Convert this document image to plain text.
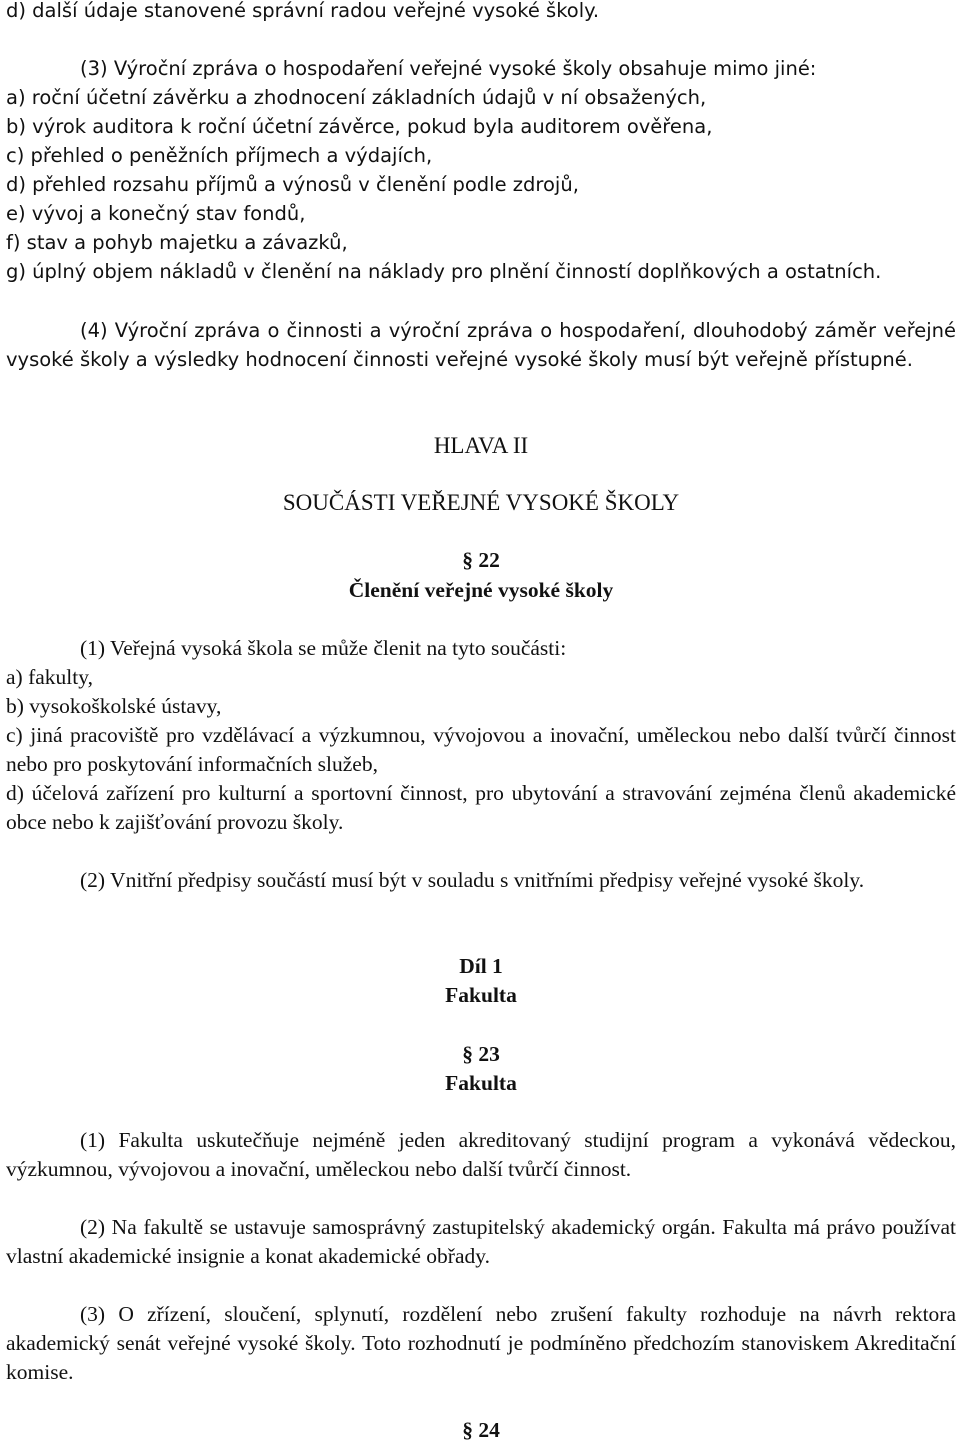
d) další údaje stanovené správní radou veřejné vysoké školy.
(3) Výroční zpráva o hospodaření veřejné vysoké školy obsahuje mimo jiné:
a) roční účetní závěrku a zhodnocení základních údajů v ní obsažených,
b) výrok auditora k roční účetní závěrce, pokud byla auditorem ověřena,
c) přehled o peněžních příjmech a výdajích,
d) přehled rozsahu příjmů a výnosů v členění podle zdrojů,
e) vývoj a konečný stav fondů,
f) stav a pohyb majetku a závazků,
g) úplný objem nákladů v členění na náklady pro plnění činností doplňkových a ostatních.

(4) Výroční zpráva o činnosti a výroční zpráva o hospodaření, dlouhodobý záměr veřejné vysoké školy a výsledky hodnocení činnosti veřejné vysoké školy musí být veřejně přístupné.

HLAVA II
SOUČÁSTI VEŘEJNÉ VYSOKÉ ŠKOLY
§ 22
Členění veřejné vysoké školy
(1) Veřejná vysoká škola se může členit na tyto součásti:
a) fakulty,
b) vysokoškolské ústavy,

c) jiná pracoviště pro vzdělávací a výzkumnou, vývojovou a inovační, uměleckou nebo další tvůrčí činnost nebo pro poskytování informačních služeb,

d) účelová zařízení pro kulturní a sportovní činnost, pro ubytování a stravování zejména členů akademické obce nebo k zajišťování provozu školy.

(2) Vnitřní předpisy součástí musí být v souladu s vnitřními předpisy veřejné vysoké školy.

Díl 1
Fakulta
§ 23
Fakulta

(1) Fakulta uskutečňuje nejméně jeden akreditovaný studijní program a vykonává vědeckou, výzkumnou, vývojovou a inovační, uměleckou nebo další tvůrčí činnost.

(2) Na fakultě se ustavuje samosprávný zastupitelský akademický orgán. Fakulta má právo používat vlastní akademické insignie a konat akademické obřady.

(3) O zřízení, sloučení, splynutí, rozdělení nebo zrušení fakulty rozhoduje na návrh rektora akademický senát veřejné vysoké školy. Toto rozhodnutí je podmíněno předchozím stanoviskem Akreditační komise.

§ 24
